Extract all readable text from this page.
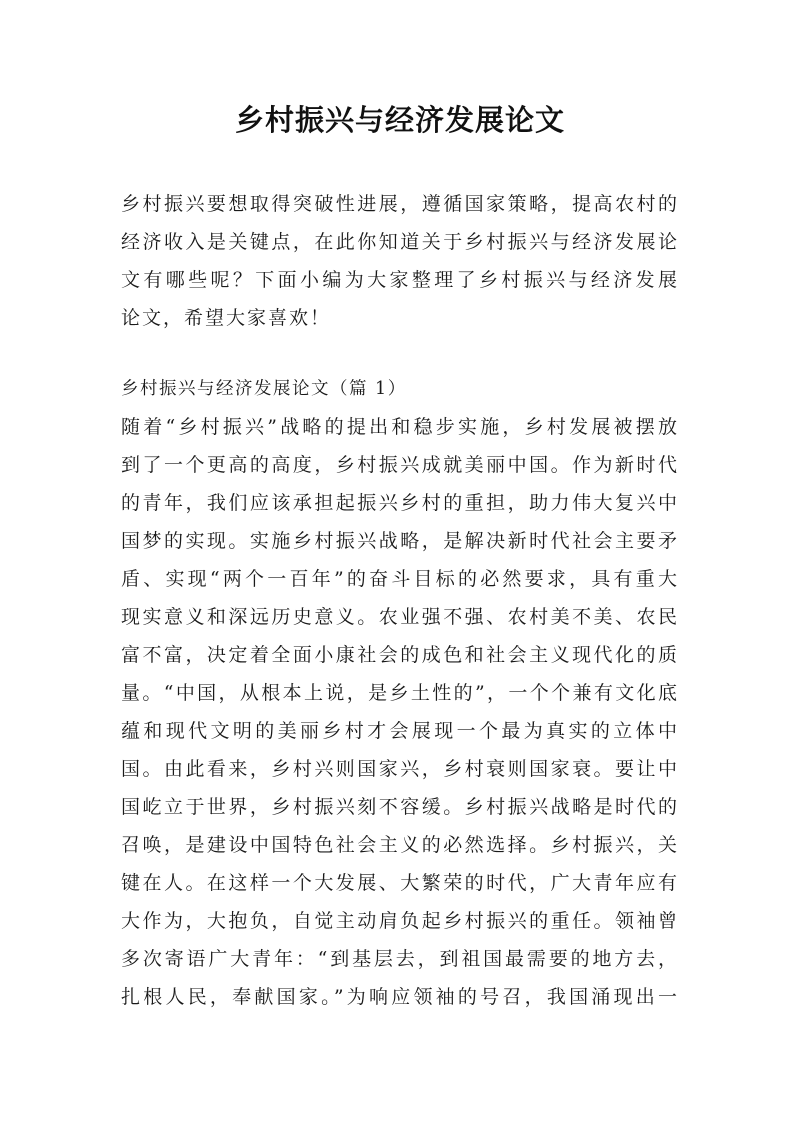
乡村振兴与经济发展论文
乡村振兴要想取得突破性进展，遵循国家策略，提高农村的
经济收入是关键点，在此你知道关于乡村振兴与经济发展论
文有哪些呢？下面小编为大家整理了乡村振兴与经济发展
论文，希望大家喜欢！
乡村振兴与经济发展论文（篇 1）
随着“乡村振兴”战略的提出和稳步实施，乡村发展被摆放
到了一个更高的高度，乡村振兴成就美丽中国。作为新时代
的青年，我们应该承担起振兴乡村的重担，助力伟大复兴中
国梦的实现。实施乡村振兴战略，是解决新时代社会主要矛
盾、实现“两个一百年”的奋斗目标的必然要求，具有重大
现实意义和深远历史意义。农业强不强、农村美不美、农民
富不富，决定着全面小康社会的成色和社会主义现代化的质
量。“中国，从根本上说，是乡土性的”，一个个兼有文化底
蕴和现代文明的美丽乡村才会展现一个最为真实的立体中
国。由此看来，乡村兴则国家兴，乡村衰则国家衰。要让中
国屹立于世界，乡村振兴刻不容缓。乡村振兴战略是时代的
召唤，是建设中国特色社会主义的必然选择。乡村振兴，关
键在人。在这样一个大发展、大繁荣的时代，广大青年应有
大作为，大抱负，自觉主动肩负起乡村振兴的重任。领袖曾
多次寄语广大青年：“到基层去，到祖国最需要的地方去，
扎根人民，奉献国家。”为响应领袖的号召，我国涌现出一
